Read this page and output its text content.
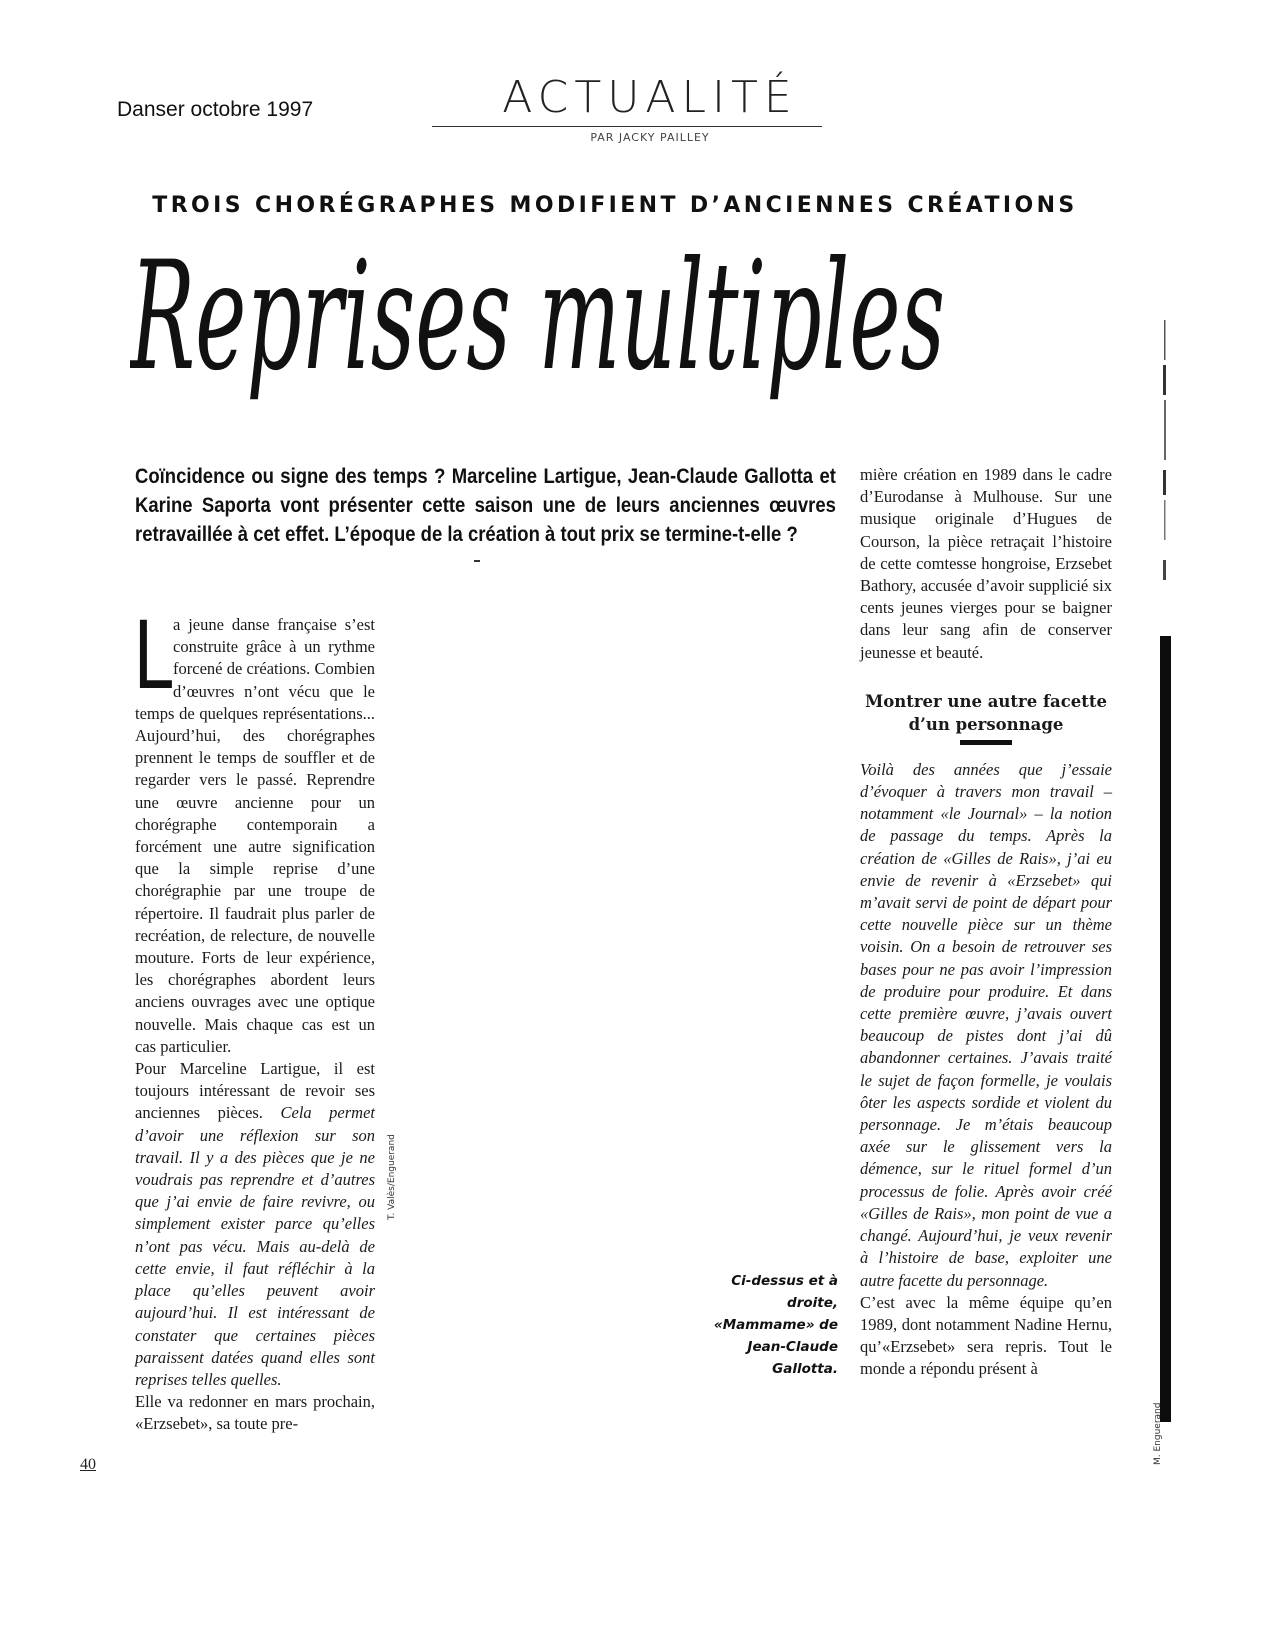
Danser octobre 1997	ACTUALITÉ
PAR JACKY PAILLEY
TROIS CHORÉGRAPHES MODIFIENT D’ANCIENNES CRÉATIONS
Reprises multiples
Coïncidence ou signe des temps ? Marceline Lartigue, Jean-Claude Gallotta et Karine Saporta vont présenter cette saison une de leurs anciennes œuvres retravaillée à cet effet. L’époque de la création à tout prix se termine-t-elle ?

La jeune danse française s’est construite grâce à un rythme forcené de créations. Combien d’œuvres n’ont vécu que le temps de quelques représentations... Aujourd’hui, des chorégraphes prennent le temps de souffler et de regarder vers le passé. Reprendre une œuvre ancienne pour un chorégraphe contemporain a forcément une autre signification que la simple reprise d’une chorégraphie par une troupe de répertoire. Il faudrait plus parler de recréation, de relecture, de nouvelle mouture. Forts de leur expérience, les chorégraphes abordent leurs anciens ouvrages avec une optique nouvelle. Mais chaque cas est un cas particulier.

Pour Marceline Lartigue, il est toujours intéressant de revoir ses anciennes pièces. Cela permet d’avoir une réflexion sur son travail. Il y a des pièces que je ne voudrais pas reprendre et d’autres que j’ai envie de faire revivre, ou simplement exister parce qu’elles n’ont pas vécu. Mais au-delà de cette envie, il faut réfléchir à la place qu’elles peuvent avoir aujourd’hui. Il est intéressant de constater que certaines pièces paraissent datées quand elles sont reprises telles quelles.

Elle va redonner en mars prochain, «Erzsebet», sa toute pre-

T. Valès/Enguerand
Ci-dessus et à droite, «Mammame» de Jean-Claude Gallotta.

mière création en 1989 dans le cadre d’Eurodanse à Mulhouse. Sur une musique originale d’Hugues de Courson, la pièce retraçait l’histoire de cette comtesse hongroise, Erzsebet Bathory, accusée d’avoir supplicié six cents jeunes vierges pour se baigner dans leur sang afin de conserver jeunesse et beauté.

Montrer une autre facette d’un personnage

Voilà des années que j’essaie d’évoquer à travers mon travail – notamment «le Journal» – la notion de passage du temps. Après la création de «Gilles de Rais», j’ai eu envie de revenir à «Erzsebet» qui m’avait servi de point de départ pour cette nouvelle pièce sur un thème voisin. On a besoin de retrouver ses bases pour ne pas avoir l’impression de produire pour produire. Et dans cette première œuvre, j’avais ouvert beaucoup de pistes dont j’ai dû abandonner certaines. J’avais traité le sujet de façon formelle, je voulais ôter les aspects sordide et violent du personnage. Je m’étais beaucoup axée sur le glissement vers la démence, sur le rituel formel d’un processus de folie. Après avoir créé «Gilles de Rais», mon point de vue a changé. Aujourd’hui, je veux revenir à l’histoire de base, exploiter une autre facette du personnage.

C’est avec la même équipe qu’en 1989, dont notamment Nadine Hernu, qu’«Erzsebet» sera repris. Tout le monde a répondu présent à

M. Enguerand
40
